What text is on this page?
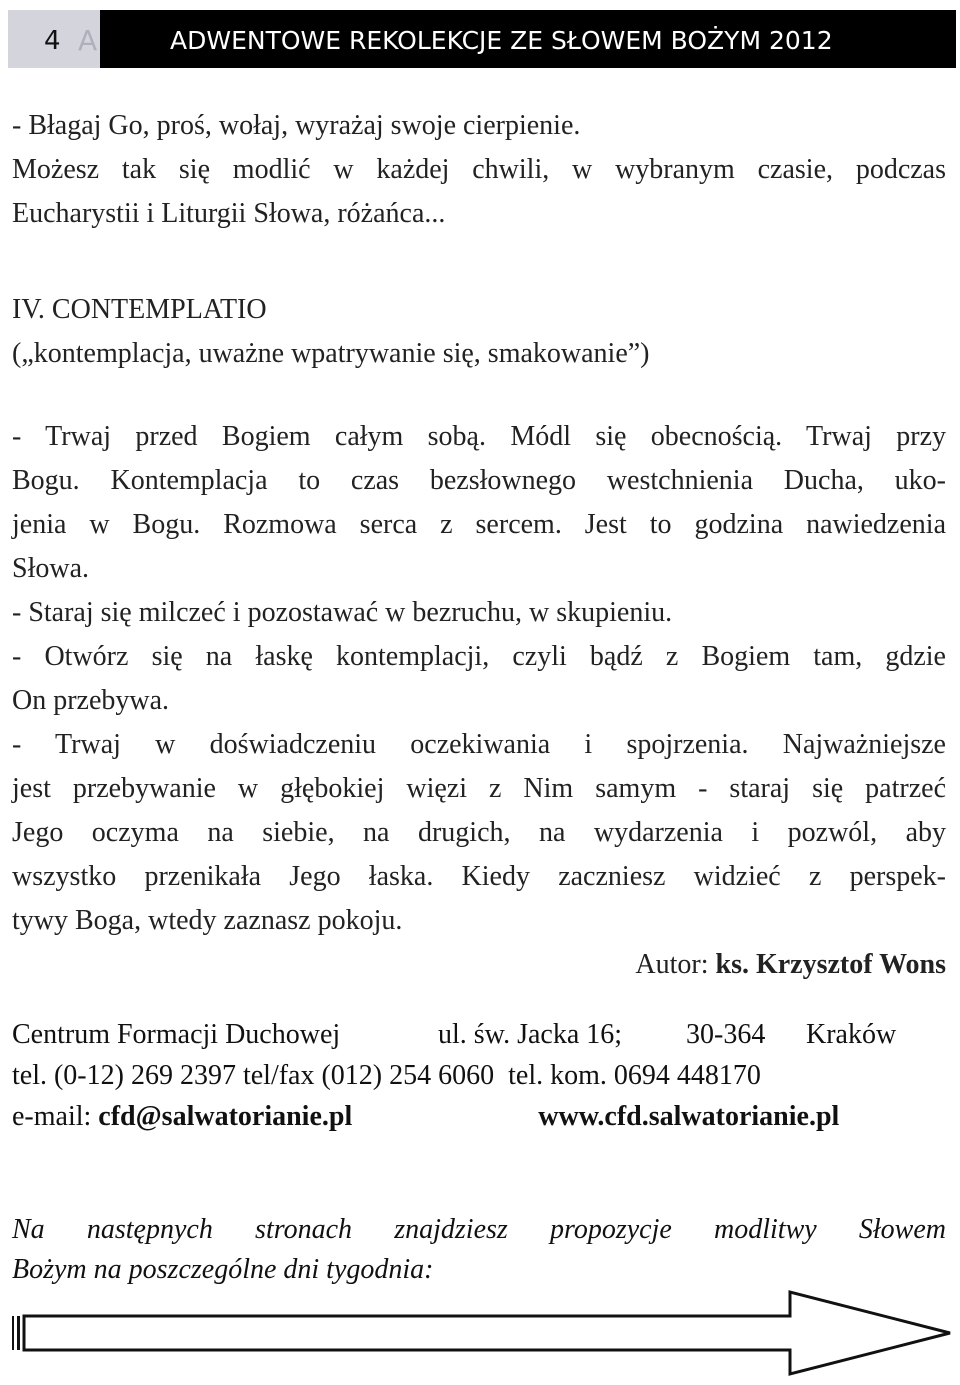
4 A	ADWENTOWE REKOLEKCJE ZE SŁOWEM BOŻYM 2012
- Błagaj Go, proś, wołaj, wyrażaj swoje cierpienie.
Możesz tak się modlić w każdej chwili, w wybranym czasie, podczas
Eucharystii i Liturgii Słowa, różańca...
IV. CONTEMPLATIO
(„kontemplacja, uważne wpatrywanie się, smakowanie”)
- Trwaj przed Bogiem całym sobą. Módl się obecnością. Trwaj przy
Bogu. Kontemplacja to czas bezsłownego westchnienia Ducha, uko-
jenia w Bogu. Rozmowa serca z sercem. Jest to godzina nawiedzenia
Słowa.
- Staraj się milczeć i pozostawać w bezruchu, w skupieniu.
- Otwórz się na łaskę kontemplacji, czyli bądź z Bogiem tam, gdzie
On przebywa.
- Trwaj w doświadczeniu oczekiwania i spojrzenia. Najważniejsze
jest przebywanie w głębokiej więzi z Nim samym - staraj się patrzeć
Jego oczyma na siebie, na drugich, na wydarzenia i pozwól, aby
wszystko przenikała Jego łaska. Kiedy zaczniesz widzieć z perspek-
tywy Boga, wtedy zaznasz pokoju.
Autor: ks. Krzysztof Wons
Centrum Formacji Duchowej	ul. św. Jacka 16;	30-364	Kraków
tel. (0-12) 269 2397 tel/fax (012) 254 6060  tel. kom. 0694 448170
e-mail: cfd@salwatorianie.pl	www.cfd.salwatorianie.pl
Na następnych stronach znajdziesz propozycje modlitwy Słowem
Bożym na poszczególne dni tygodnia:
